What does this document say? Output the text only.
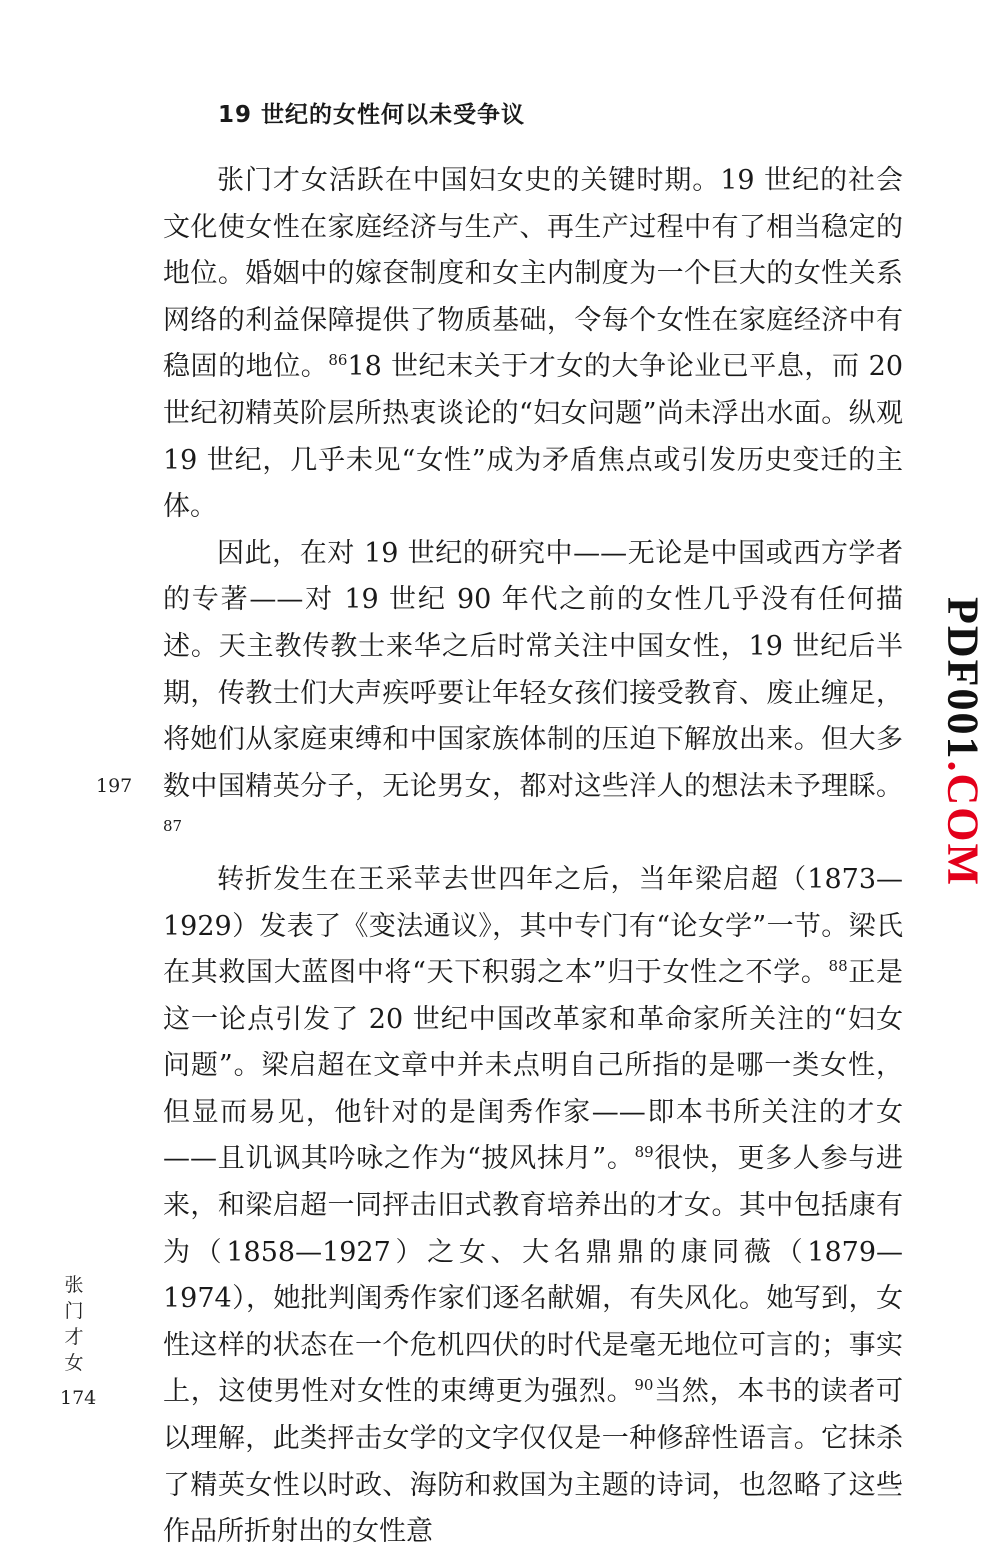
19 世纪的女性何以未受争议

张门才女活跃在中国妇女史的关键时期。19 世纪的社会文化使女性在家庭经济与生产、再生产过程中有了相当稳定的地位。婚姻中的嫁奁制度和女主内制度为一个巨大的女性关系网络的利益保障提供了物质基础，令每个女性在家庭经济中有稳固的地位。$^{86}$18 世纪末关于才女的大争论业已平息，而 20 世纪初精英阶层所热衷谈论的“妇女问题”尚未浮出水面。纵观 19 世纪，几乎未见“女性”成为矛盾焦点或引发历史变迁的主体。

因此，在对 19 世纪的研究中——无论是中国或西方学者的专著——对 19 世纪 90 年代之前的女性几乎没有任何描述。天主教传教士来华之后时常关注中国女性，19 世纪后半期，传教士们大声疾呼要让年轻女孩们接受教育、废止缠足，将她们从家庭束缚和中国家族体制的压迫下解放出来。但大多数中国精英分子，无论男女，都对这些洋人的想法未予理睬。$^{87}$

转折发生在王采苹去世四年之后，当年梁启超（1873—1929）发表了《变法通议》，其中专门有“论女学”一节。梁氏在其救国大蓝图中将“天下积弱之本”归于女性之不学。$^{88}$正是这一论点引发了 20 世纪中国改革家和革命家所关注的“妇女问题”。梁启超在文章中并未点明自己所指的是哪一类女性，但显而易见，他针对的是闺秀作家——即本书所关注的才女——且讥讽其吟咏之作为“披风抹月”。$^{89}$很快，更多人参与进来，和梁启超一同抨击旧式教育培养出的才女。其中包括康有为（1858—1927）之女、大名鼎鼎的康同薇（1879—1974），她批判闺秀作家们逐名献媚，有失风化。她写到，女性这样的状态在一个危机四伏的时代是毫无地位可言的；事实上，这使男性对女性的束缚更为强烈。$^{90}$当然，本书的读者可以理解，此类抨击女学的文字仅仅是一种修辞性语言。它抹杀了精英女性以时政、海防和救国为主题的诗词，也忽略了这些作品所折射出的女性意

197
张
门
才
女
174
PDF001.COM
